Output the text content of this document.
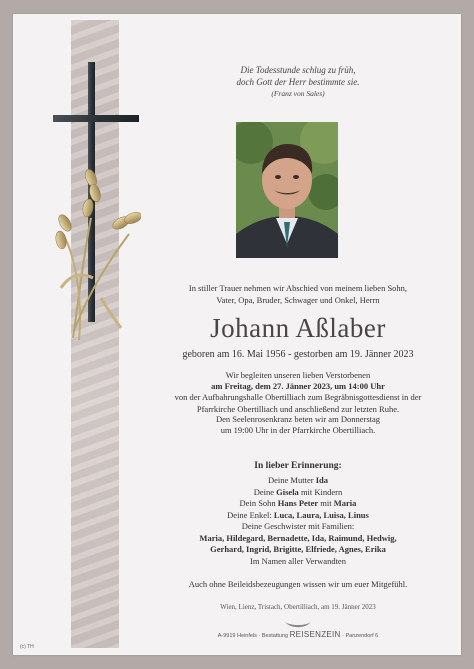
Die Todesstunde schlug zu früh,
doch Gott der Herr bestimmte sie.
(Franz von Sales)
In stiller Trauer nehmen wir Abschied von meinem lieben Sohn,
Vater, Opa, Bruder, Schwager und Onkel, Herrn
Johann Aßlaber
geboren am 16. Mai 1956 - gestorben am 19. Jänner 2023
Wir begleiten unseren lieben Verstorbenen
am Freitag, dem 27. Jänner 2023, um 14:00 Uhr
von der Aufbahrungshalle Obertilliach zum Begräbnisgottesdienst in der
Pfarrkirche Obertilliach und anschließend zur letzten Ruhe.
Den Seelenrosenkranz beten wir am Donnerstag
um 19:00 Uhr in der Pfarrkirche Obertilliach.
In lieber Erinnerung:
Deine Mutter Ida
Deine Gisela mit Kindern
Dein Sohn Hans Peter mit Maria
Deine Enkel: Luca, Laura, Luisa, Linus
Deine Geschwister mit Familien:
Maria, Hildegard, Bernadette, Ida, Raimund, Hedwig,
Gerhard, Ingrid, Brigitte, Elfriede, Agnes, Erika
Im Namen aller Verwandten
Auch ohne Beileidsbezeugungen wissen wir um euer Mitgefühl.
Wien, Lienz, Tristach, Obertilliach, am 19. Jänner 2023
A-9919 Heinfels · Bestattung REISENZEIN · Panzendorf 6
(c) TH
